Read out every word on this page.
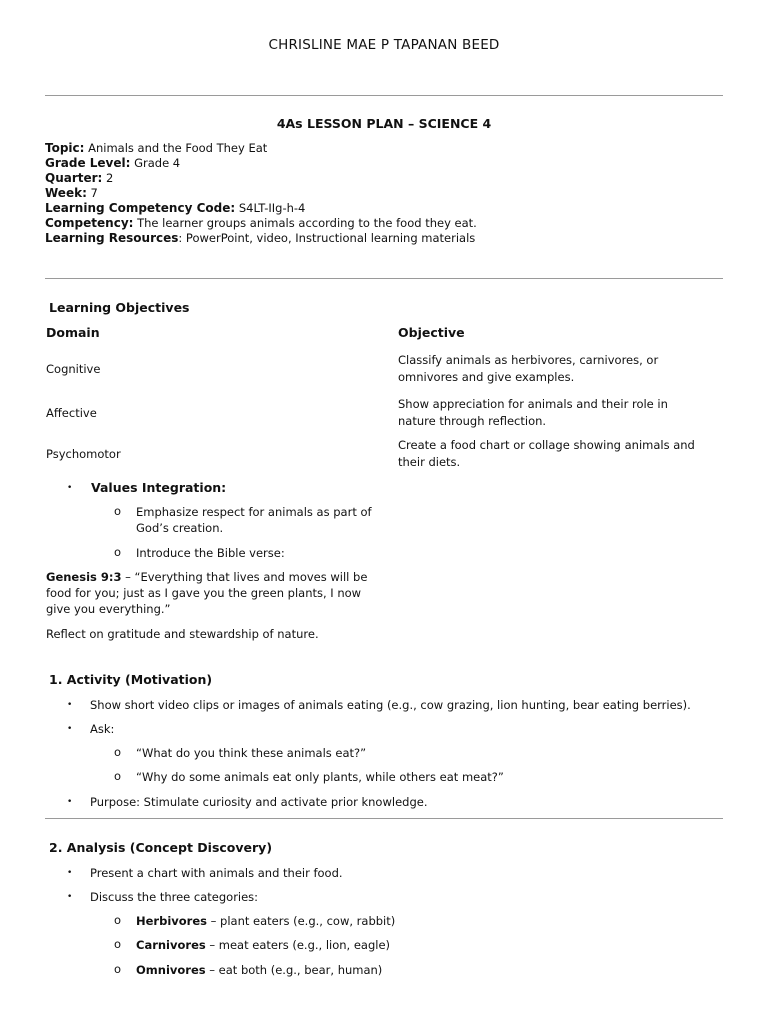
CHRISLINE MAE P TAPANAN BEED
4As LESSON PLAN – SCIENCE 4
Topic: Animals and the Food They Eat
Grade Level: Grade 4
Quarter: 2
Week: 7
Learning Competency Code: S4LT-IIg-h-4
Competency: The learner groups animals according to the food they eat.
Learning Resources: PowerPoint, video, Instructional learning materials
Learning Objectives
Domain	Objective
Cognitive
Classify animals as herbivores, carnivores, or
omnivores and give examples.
Affective
Show appreciation for animals and their role in
nature through reflection.
Psychomotor
Create a food chart or collage showing animals and
their diets.
• Values Integration:
o Emphasize respect for animals as part of
God’s creation.
o Introduce the Bible verse:
Genesis 9:3 – “Everything that lives and moves will be
food for you; just as I gave you the green plants, I now
give you everything.”
Reflect on gratitude and stewardship of nature.
1. Activity (Motivation)
• Show short video clips or images of animals eating (e.g., cow grazing, lion hunting, bear eating berries).
• Ask:
o “What do you think these animals eat?”
o “Why do some animals eat only plants, while others eat meat?”
• Purpose: Stimulate curiosity and activate prior knowledge.
2. Analysis (Concept Discovery)
• Present a chart with animals and their food.
• Discuss the three categories:
o Herbivores – plant eaters (e.g., cow, rabbit)
o Carnivores – meat eaters (e.g., lion, eagle)
o Omnivores – eat both (e.g., bear, human)
